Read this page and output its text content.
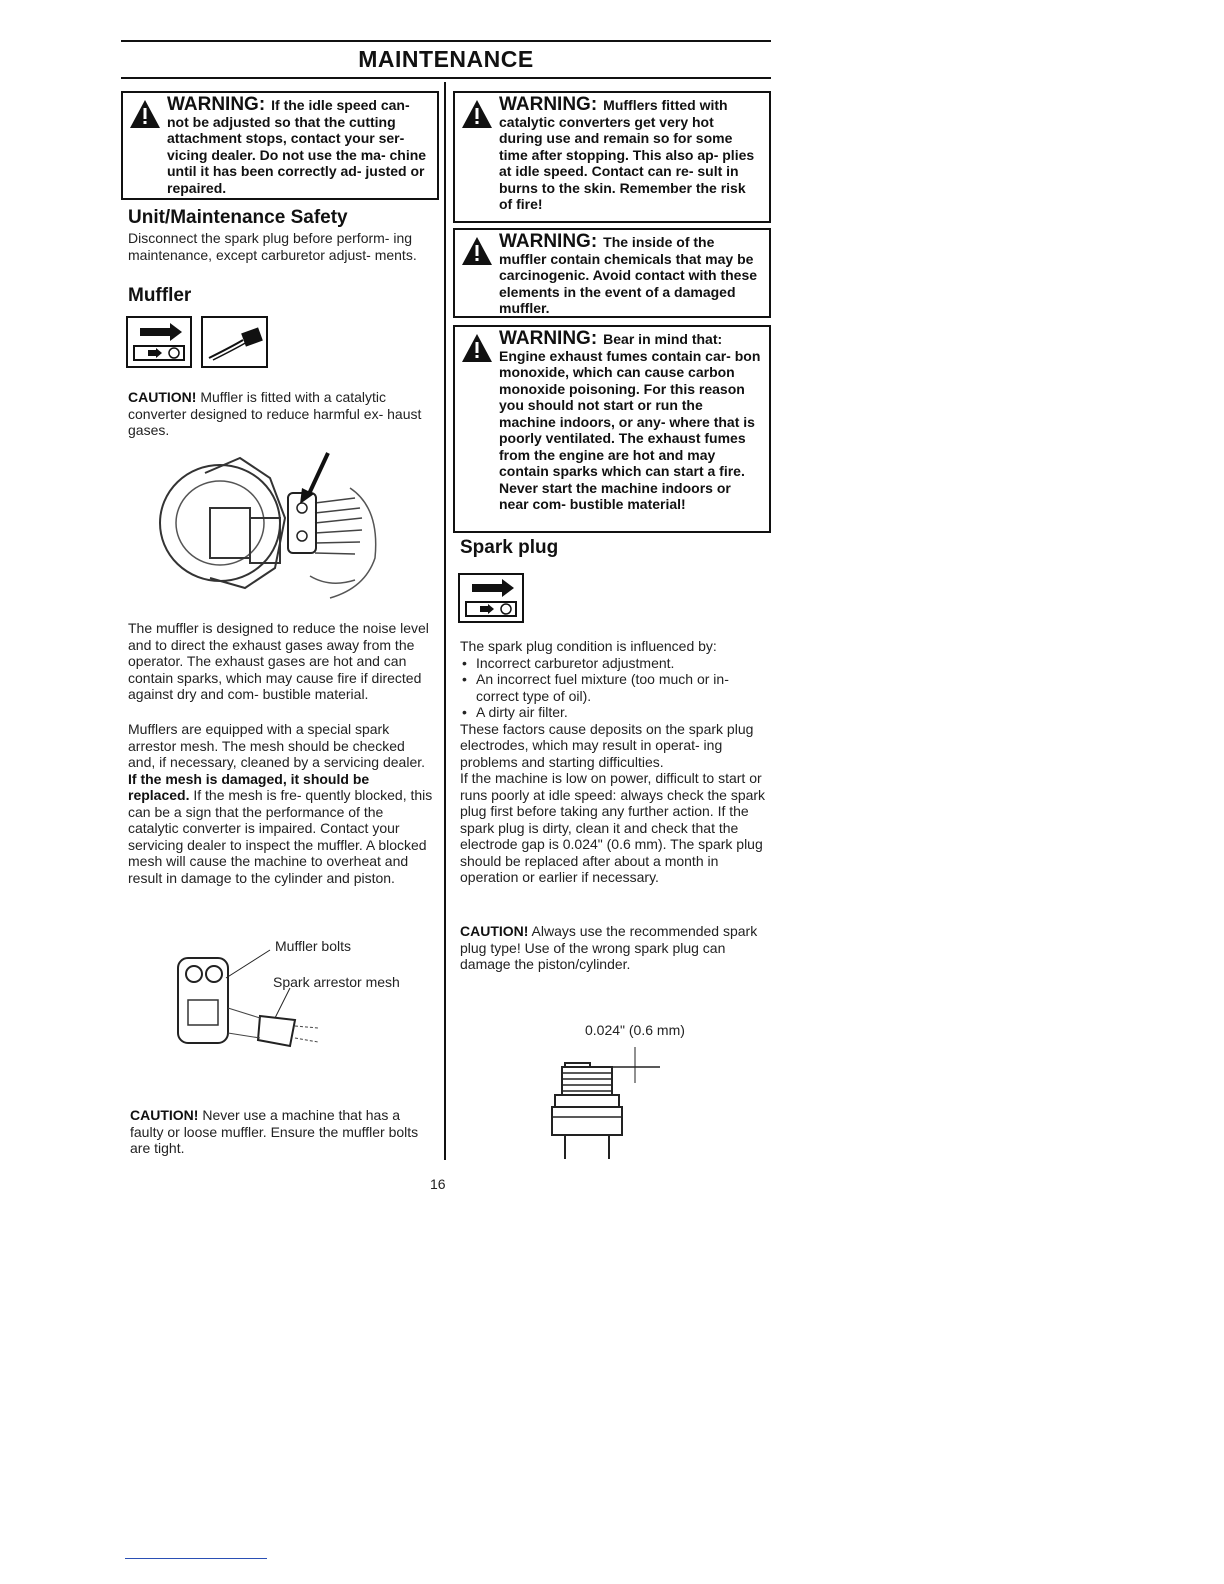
MAINTENANCE
WARNING: If the idle speed can- not be adjusted so that the cutting attachment stops, contact your ser- vicing dealer. Do not use the ma- chine until it has been correctly ad- justed or repaired.
Unit/Maintenance Safety
Disconnect the spark plug before perform- ing maintenance, except carburetor adjust- ments.
Muffler
CAUTION! Muffler is fitted with a catalytic converter designed to reduce harmful ex- haust gases.
The muffler is designed to reduce the noise level and to direct the exhaust gases away from the operator. The exhaust gases are hot and can contain sparks, which may cause fire if directed against dry and com- bustible material.
Mufflers are equipped with a special spark arrestor mesh. The mesh should be checked and, if necessary, cleaned by a servicing dealer. If the mesh is damaged, it should be replaced. If the mesh is fre- quently blocked, this can be a sign that the performance of the catalytic converter is impaired. Contact your servicing dealer to inspect the muffler. A blocked mesh will cause the machine to overheat and result in damage to the cylinder and piston.
Muffler bolts
Spark arrestor mesh
CAUTION! Never use a machine that has a faulty or loose muffler. Ensure the muffler bolts are tight.
WARNING: Mufflers fitted with catalytic converters get very hot during use and remain so for some time after stopping. This also ap- plies at idle speed. Contact can re- sult in burns to the skin. Remember the risk of fire!
WARNING: The inside of the muffler contain chemicals that may be carcinogenic. Avoid contact with these elements in the event of a damaged muffler.
WARNING: Bear in mind that: Engine exhaust fumes contain car- bon monoxide, which can cause carbon monoxide poisoning. For this reason you should not start or run the machine indoors, or any- where that is poorly ventilated. The exhaust fumes from the engine are hot and may contain sparks which can start a fire. Never start the machine indoors or near com- bustible material!
Spark plug
The spark plug condition is influenced by:
• Incorrect carburetor adjustment.
• An incorrect fuel mixture (too much or in- correct type of oil).
• A dirty air filter.
These factors cause deposits on the spark plug electrodes, which may result in operat- ing problems and starting difficulties.
If the machine is low on power, difficult to start or runs poorly at idle speed: always check the spark plug first before taking any further action. If the spark plug is dirty, clean it and check that the electrode gap is 0.024" (0.6 mm). The spark plug should be replaced after about a month in operation or earlier if necessary.
CAUTION! Always use the recommended spark plug type! Use of the wrong spark plug can damage the piston/cylinder.
0.024" (0.6 mm)
16
